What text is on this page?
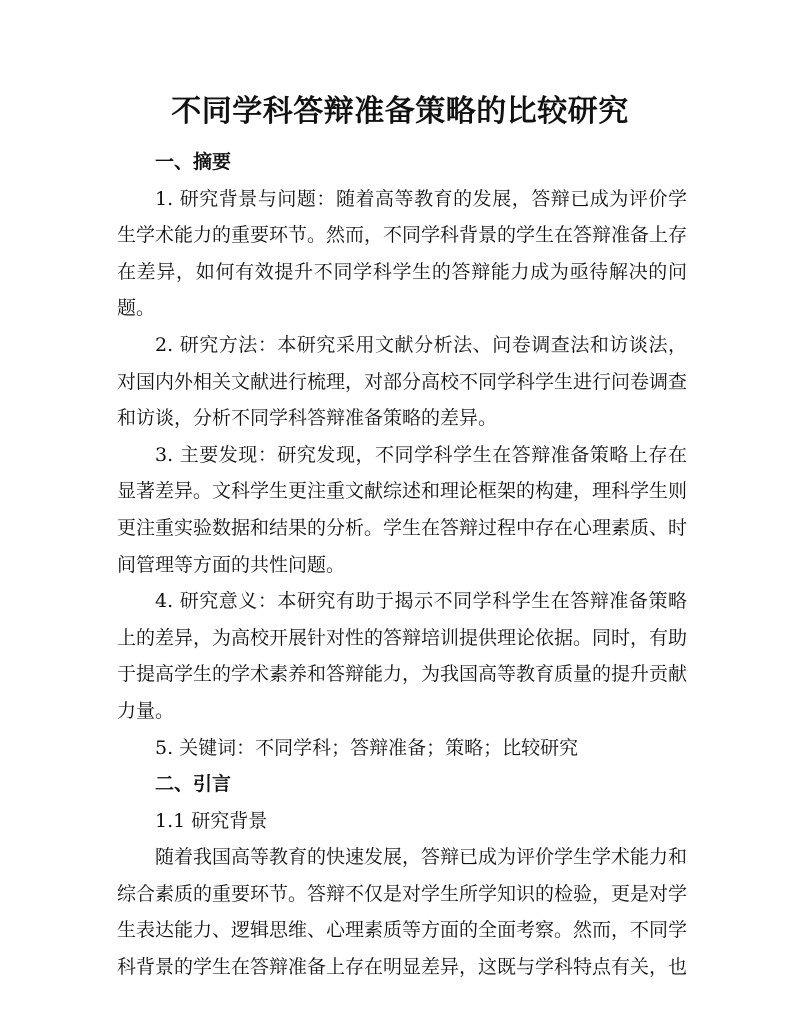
不同学科答辩准备策略的比较研究

一、摘要

1. 研究背景与问题：随着高等教育的发展，答辩已成为评价学生学术能力的重要环节。然而，不同学科背景的学生在答辩准备上存在差异，如何有效提升不同学科学生的答辩能力成为亟待解决的问题。

2. 研究方法：本研究采用文献分析法、问卷调查法和访谈法，对国内外相关文献进行梳理，对部分高校不同学科学生进行问卷调查和访谈，分析不同学科答辩准备策略的差异。

3. 主要发现：研究发现，不同学科学生在答辩准备策略上存在显著差异。文科学生更注重文献综述和理论框架的构建，理科学生则更注重实验数据和结果的分析。学生在答辩过程中存在心理素质、时间管理等方面的共性问题。

4. 研究意义：本研究有助于揭示不同学科学生在答辩准备策略上的差异，为高校开展针对性的答辩培训提供理论依据。同时，有助于提高学生的学术素养和答辩能力，为我国高等教育质量的提升贡献力量。

5. 关键词：不同学科；答辩准备；策略；比较研究

二、引言

1.1 研究背景

随着我国高等教育的快速发展，答辩已成为评价学生学术能力和综合素质的重要环节。答辩不仅是对学生所学知识的检验，更是对学生表达能力、逻辑思维、心理素质等方面的全面考察。然而，不同学科背景的学生在答辩准备上存在明显差异，这既与学科特点有关，也
